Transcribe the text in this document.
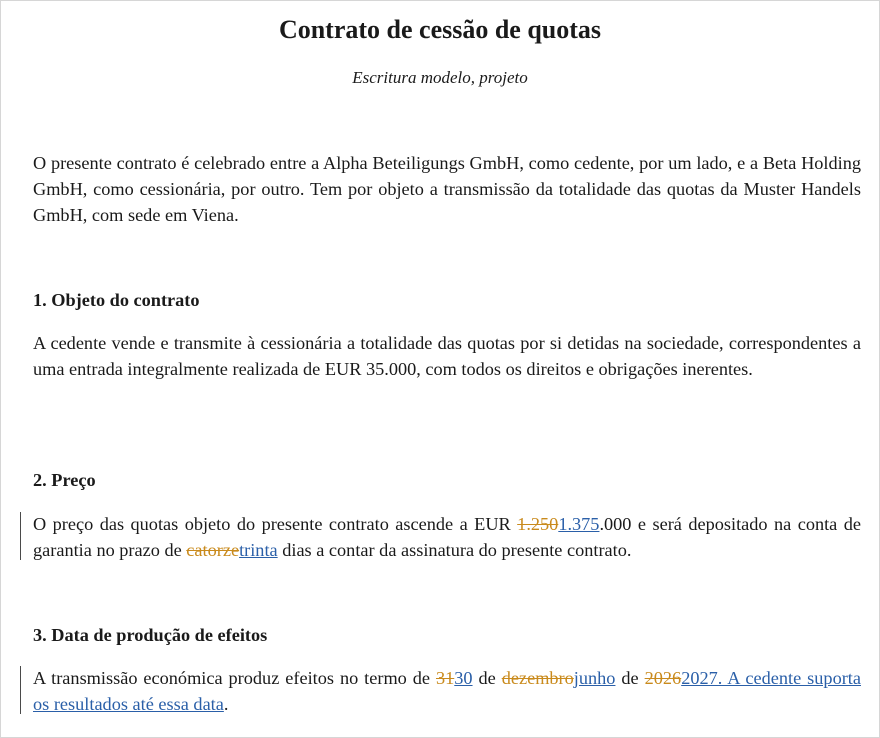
Contrato de cessão de quotas
Escritura modelo, projeto

O presente contrato é celebrado entre a Alpha Beteiligungs GmbH, como cedente, por um lado, e a Beta Holding GmbH, como cessionária, por outro. Tem por objeto a transmissão da totalidade das quotas da Muster Handels GmbH, com sede em Viena.

1. Objeto do contrato

A cedente vende e transmite à cessionária a totalidade das quotas por si detidas na sociedade, correspondentes a uma entrada integralmente realizada de EUR 35.000, com todos os direitos e obrigações inerentes.

2. Preço

O preço das quotas objeto do presente contrato ascende a EUR 1.2501.375.000 e será depositado na conta de garantia no prazo de catorzetrinta dias a contar da assinatura do presente contrato.

3. Data de produção de efeitos

A transmissão económica produz efeitos no termo de 3130 de dezembrojunho de 20262027. A cedente suporta os resultados até essa data.
